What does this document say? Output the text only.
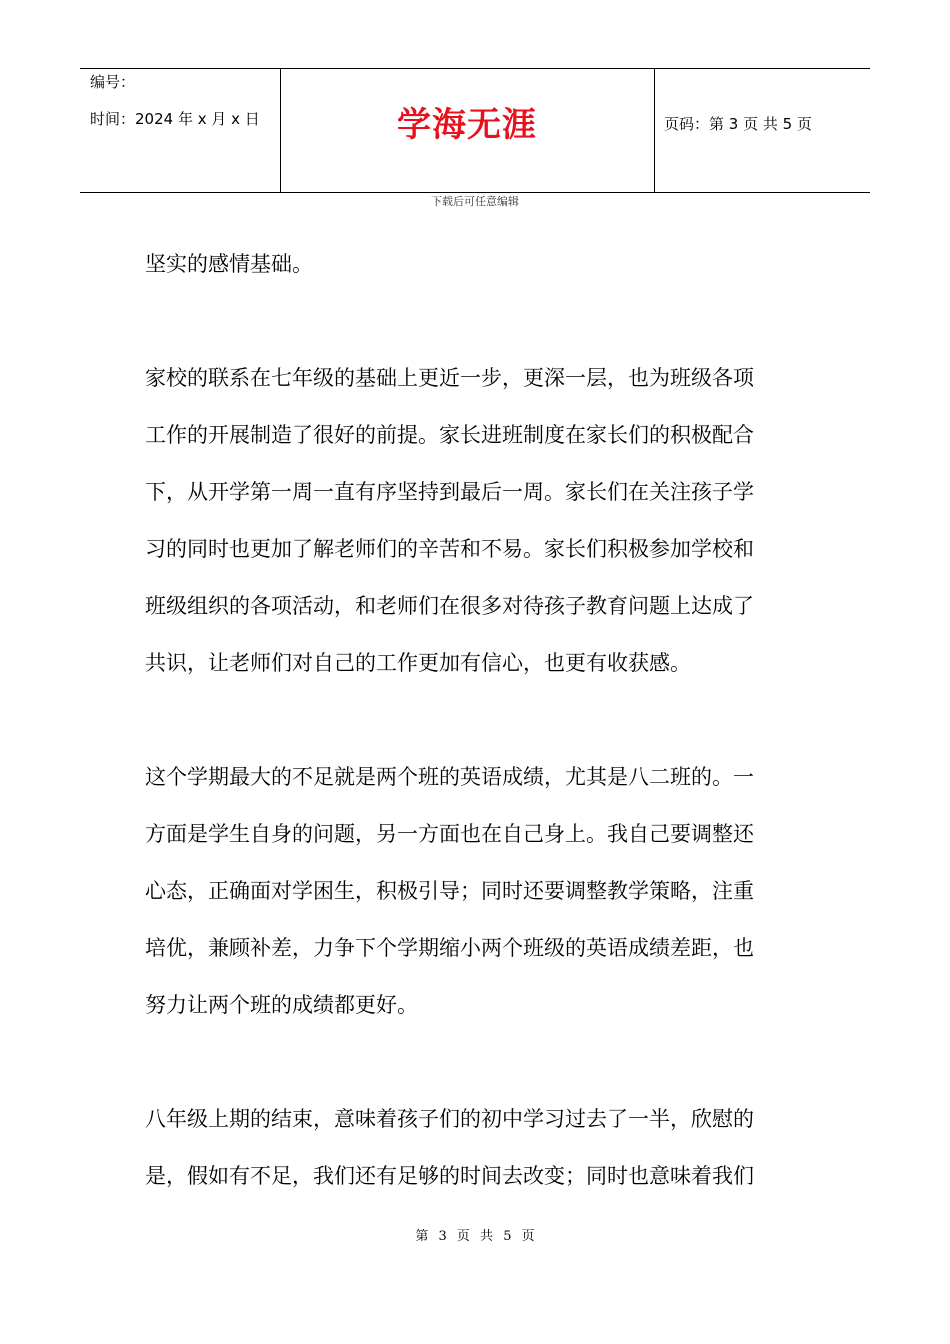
编号：
时间：2024 年 x 月 x 日	学海无涯	页码：第 3 页 共 5 页
下载后可任意编辑

坚实的感情基础。

家校的联系在七年级的基础上更近一步，更深一层，也为班级各项
工作的开展制造了很好的前提。家长进班制度在家长们的积极配合
下，从开学第一周一直有序坚持到最后一周。家长们在关注孩子学
习的同时也更加了解老师们的辛苦和不易。家长们积极参加学校和
班级组织的各项活动，和老师们在很多对待孩子教育问题上达成了
共识，让老师们对自己的工作更加有信心，也更有收获感。

这个学期最大的不足就是两个班的英语成绩，尤其是八二班的。一
方面是学生自身的问题，另一方面也在自己身上。我自己要调整还
心态，正确面对学困生，积极引导；同时还要调整教学策略，注重
培优，兼顾补差，力争下个学期缩小两个班级的英语成绩差距，也
努力让两个班的成绩都更好。

八年级上期的结束，意味着孩子们的初中学习过去了一半，欣慰的
是，假如有不足，我们还有足够的时间去改变；同时也意味着我们

第 3 页 共 5 页
